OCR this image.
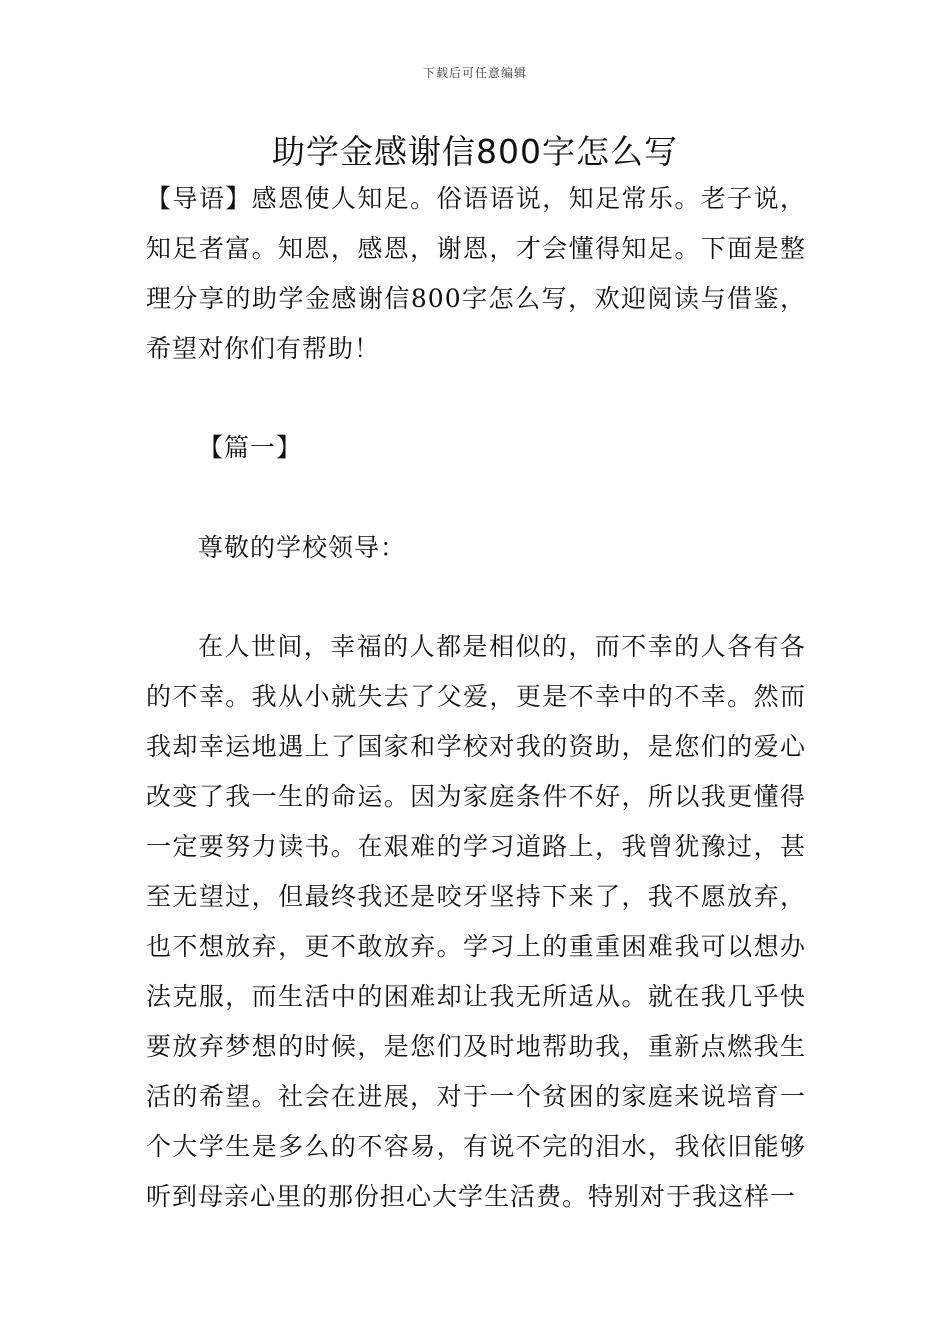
下载后可任意编辑
助学金感谢信800字怎么写

【导语】感恩使人知足。俗语语说，知足常乐。老子说，知足者富。知恩，感恩，谢恩，才会懂得知足。下面是整理分享的助学金感谢信800字怎么写，欢迎阅读与借鉴，希望对你们有帮助！

【篇一】

尊敬的学校领导：

在人世间，幸福的人都是相似的，而不幸的人各有各的不幸。我从小就失去了父爱，更是不幸中的不幸。然而我却幸运地遇上了国家和学校对我的资助，是您们的爱心改变了我一生的命运。因为家庭条件不好，所以我更懂得一定要努力读书。在艰难的学习道路上，我曾犹豫过，甚至无望过，但最终我还是咬牙坚持下来了，我不愿放弃，也不想放弃，更不敢放弃。学习上的重重困难我可以想办法克服，而生活中的困难却让我无所适从。就在我几乎快要放弃梦想的时候，是您们及时地帮助我，重新点燃我生活的希望。社会在进展，对于一个贫困的家庭来说培育一个大学生是多么的不容易，有说不完的泪水，我依旧能够听到母亲心里的那份担心大学生活费。特别对于我这样一
